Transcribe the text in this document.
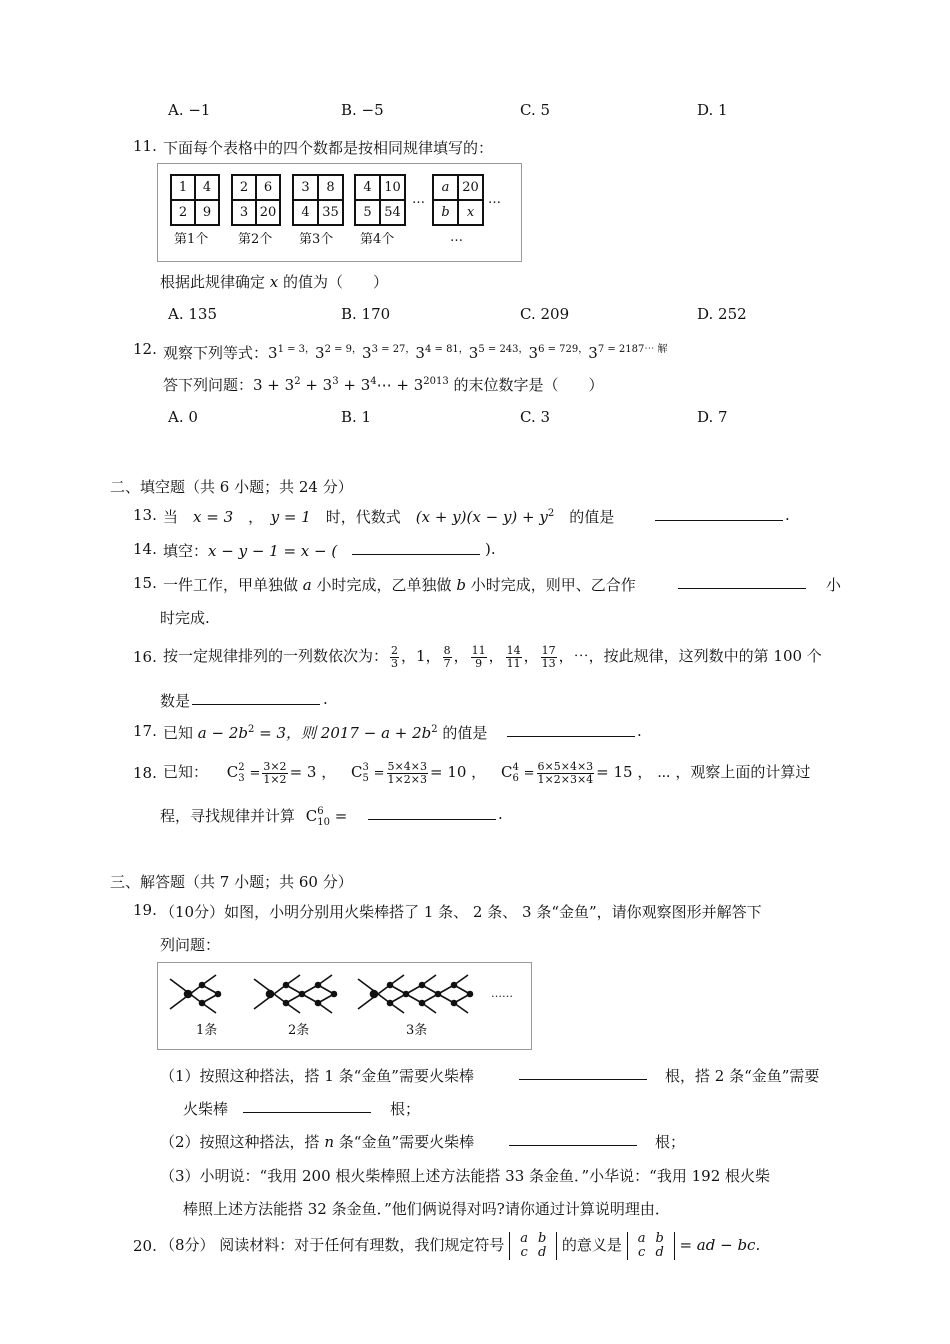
A. −1	B. −5	C. 5	D. 1
11. 下面每个表格中的四个数都是按相同规律填写的：
1	4
2	9
第1个
2	6
3 20
第2个
3	8
4 35
第3个
4 10
5 54
第4个
…
a 20
b	x
…
…
根据此规律确定 x 的值为（　　）
A. 135	B. 170	C. 209	D. 252
12. 观察下列等式：$3^{1 = 3,}3^{2 = 9,}3^{3 = 27,}3^{4 = 81,}3^{5 = 243,}3^{6 = 729,}3^{7 = 2187\cdots 解}$
答下列问题：$3 + 3^2 + 3^3$ + $3^4\cdots + 3^{2013}$ 的末位数字是（　　）
A. 0	B. 1	C. 3	D. 7
二、填空题（共 6 小题；共 24 分）
13. 当　x = 3　，　y = 1　时，代数式　$(x + y)(x - y) + y^2$　的值是	.
14. 填空：x − y − 1 = x − (	).
15. 一件工作，甲单独做 a 小时完成，乙单独做 b 小时完成，则甲、乙合作	小
时完成.
16. 按一定规律排列的一列数依次为： $\frac{2}{3}$ ，1， $\frac{8}{7}$ ， $\frac{11}{9}$ ， $\frac{14}{11}$ ， $\frac{17}{13}$ ，⋯，按此规律，这列数中的第 100 个
数是	.
17. 已知 $a - 2b^2 = 3$，则 $2017 - a + 2b^2$ 的值是	.
18. 已知： C 2
$3 = \frac{3\times 2}{1\times 2} = 3$ ， C 3
$5 = \frac{5\times 4\times 3}{1\times 2\times 3} = 10$ ， C 4
$6 = \frac{6\times 5\times 4\times 3}{1\times 2\times 3\times 4} = 15$ ， ⋯ ，观察上面的计算过
程，寻找规律并计算 C 6
10 =	.
三、解答题（共 7 小题；共 60 分）
19. （10分）如图，小明分别用火柴棒搭了 1 条、 2 条、 3 条“金鱼”，请你观察图形并解答下
列问题：
1条	2条	3条
……
（1）按照这种搭法，搭 1 条“金鱼”需要火柴棒	根，搭 2 条“金鱼”需要
火柴棒	根；
（2）按照这种搭法，搭 n 条“金鱼”需要火柴棒	根；
（3）小明说：“我用 200 根火柴棒照上述方法能搭 33 条金鱼．”小华说：“我用 192 根火柴
棒照上述方法能搭 32 条金鱼．”他们俩说得对吗?请你通过计算说明理由．
20. （8分） 阅读材料：对于任何有理数，我们规定符号 a b
c d 的意义是 a b
c d = ad − bc.
